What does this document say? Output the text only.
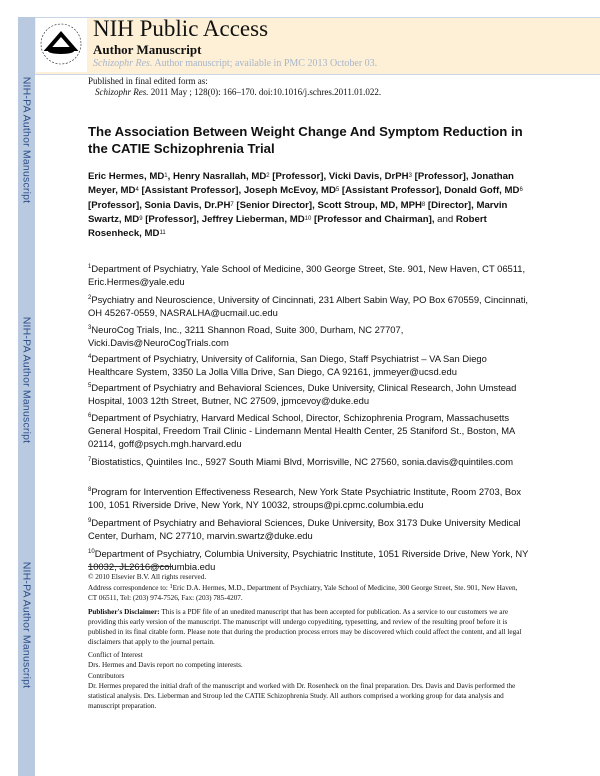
NIH-PA Author Manuscript
NIH-PA Author Manuscript
NIH-PA Author Manuscript
NIH Public Access
Author Manuscript
Schizophr Res. Author manuscript; available in PMC 2013 October 03.
Published in final edited form as:
Schizophr Res. 2011 May ; 128(0): 166–170. doi:10.1016/j.schres.2011.01.022.
The Association Between Weight Change And Symptom Reduction in the CATIE Schizophrenia Trial
Eric Hermes, $MD^1$, Henry Nasrallah, $MD^2$ [Professor], Vicki Davis, DrPH$^3$ [Professor], Jonathan Meyer, $MD^4$ [Assistant Professor], Joseph McEvoy, $MD^5$ [Assistant Professor], Donald Goff, $MD^6$ [Professor], Sonia Davis, $Dr.PH^7$ [Senior Director], Scott Stroup, MD, MPH$^8$ [Director], Marvin Swartz, $MD^9$ [Professor], Jeffrey Lieberman, MD$^{10}$ [Professor and Chairman], and Robert Rosenheck, MD$^{11}$
$^1$Department of Psychiatry, Yale School of Medicine, 300 George Street, Ste. 901, New Haven, CT 06511, Eric.Hermes@yale.edu
$^2$Psychiatry and Neuroscience, University of Cincinnati, 231 Albert Sabin Way, PO Box 670559, Cincinnati, OH 45267-0559, NASRALHA@ucmail.uc.edu
$^3$NeuroCog Trials, Inc., 3211 Shannon Road, Suite 300, Durham, NC 27707, Vicki.Davis@NeuroCogTrials.com
$^4$Department of Psychiatry, University of California, San Diego, Staff Psychiatrist – VA San Diego Healthcare System, 3350 La Jolla Villa Drive, San Diego, CA 92161, jmmeyer@ucsd.edu
$^5$Department of Psychiatry and Behavioral Sciences, Duke University, Clinical Research, John Umstead Hospital, 1003 12th Street, Butner, NC 27509, jpmcevoy@duke.edu
$^6$Department of Psychiatry, Harvard Medical School, Director, Schizophrenia Program, Massachusetts General Hospital, Freedom Trail Clinic - Lindemann Mental Health Center, 25 Staniford St., Boston, MA 02114, goff@psych.mgh.harvard.edu
$^7$Biostatistics, Quintiles Inc., 5927 South Miami Blvd, Morrisville, NC 27560, sonia.davis@quintiles.com
$^8$Program for Intervention Effectiveness Research, New York State Psychiatric Institute, Room 2703, Box 100, 1051 Riverside Drive, New York, NY 10032, stroups@pi.cpmc.columbia.edu
$^9$Department of Psychiatry and Behavioral Sciences, Duke University, Box 3173 Duke University Medical Center, Durham, NC 27710, marvin.swartz@duke.edu
$^{10}$Department of Psychiatry, Columbia University, Psychiatric Institute, 1051 Riverside Drive, New York, NY 10032, JL2616@columbia.edu
© 2010 Elsevier B.V. All rights reserved.
Address correspondence to: $^1$Eric D.A. Hermes, M.D., Department of Psychiatry, Yale School of Medicine, 300 George Street, Ste. 901, New Haven, CT 06511, Tel: (203) 974-7526, Fax: (203) 785-4207.
Publisher's Disclaimer: This is a PDF file of an unedited manuscript that has been accepted for publication. As a service to our customers we are providing this early version of the manuscript. The manuscript will undergo copyediting, typesetting, and review of the resulting proof before it is published in its final citable form. Please note that during the production process errors may be discovered which could affect the content, and all legal disclaimers that apply to the journal pertain.
Conflict of Interest
Drs. Hermes and Davis report no competing interests.
Contributors
Dr. Hermes prepared the initial draft of the manuscript and worked with Dr. Rosenheck on the final preparation. Drs. Davis and Davis performed the statistical analysis. Drs. Lieberman and Stroup led the CATIE Schizophrenia Study. All authors comprised a working group for data analysis and manuscript preparation.
